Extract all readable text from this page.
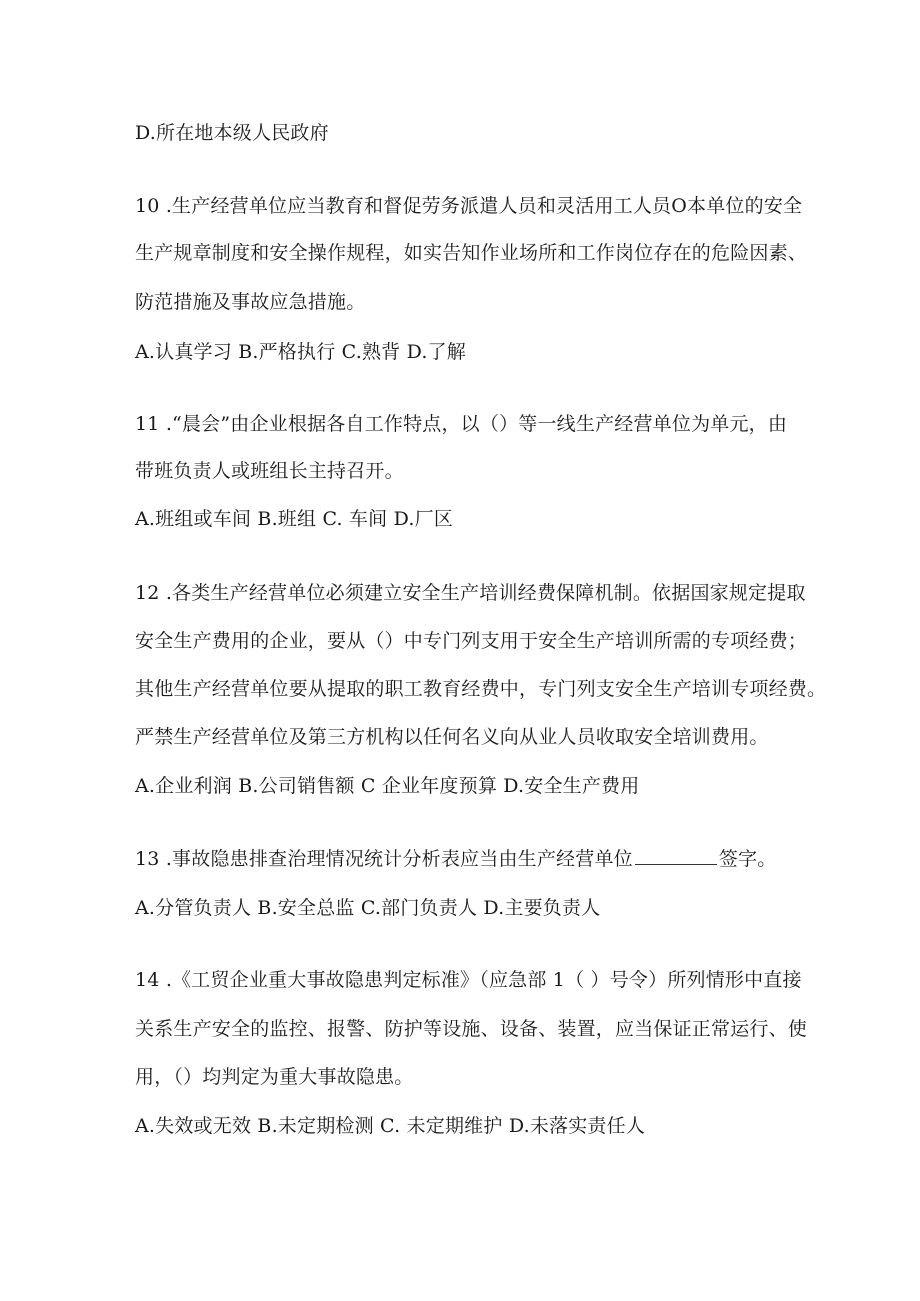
D.所在地本级人民政府
10 .生产经营单位应当教育和督促劳务派遣人员和灵活用工人员O本单位的安全
生产规章制度和安全操作规程，如实告知作业场所和工作岗位存在的危险因素、
防范措施及事故应急措施。
A.认真学习 B.严格执行 C.熟背 D.了解
11 .“晨会”由企业根据各自工作特点，以（）等一线生产经营单位为单元，由
带班负责人或班组长主持召开。
A.班组或车间 B.班组 C. 车间 D.厂区
12 .各类生产经营单位必须建立安全生产培训经费保障机制。依据国家规定提取
安全生产费用的企业，要从（）中专门列支用于安全生产培训所需的专项经费；
其他生产经营单位要从提取的职工教育经费中，专门列支安全生产培训专项经费。
严禁生产经营单位及第三方机构以任何名义向从业人员收取安全培训费用。
A.企业利润 B.公司销售额 C 企业年度预算 D.安全生产费用
13 .事故隐患排查治理情况统计分析表应当由生产经营单位	签字。
A.分管负责人 B.安全总监 C.部门负责人 D.主要负责人
14 .《工贸企业重大事故隐患判定标准》（应急部 1（ ）号令）所列情形中直接
关系生产安全的监控、报警、防护等设施、设备、装置，应当保证正常运行、使
用，（）均判定为重大事故隐患。
A.失效或无效 B.未定期检测 C. 未定期维护 D.未落实责任人
